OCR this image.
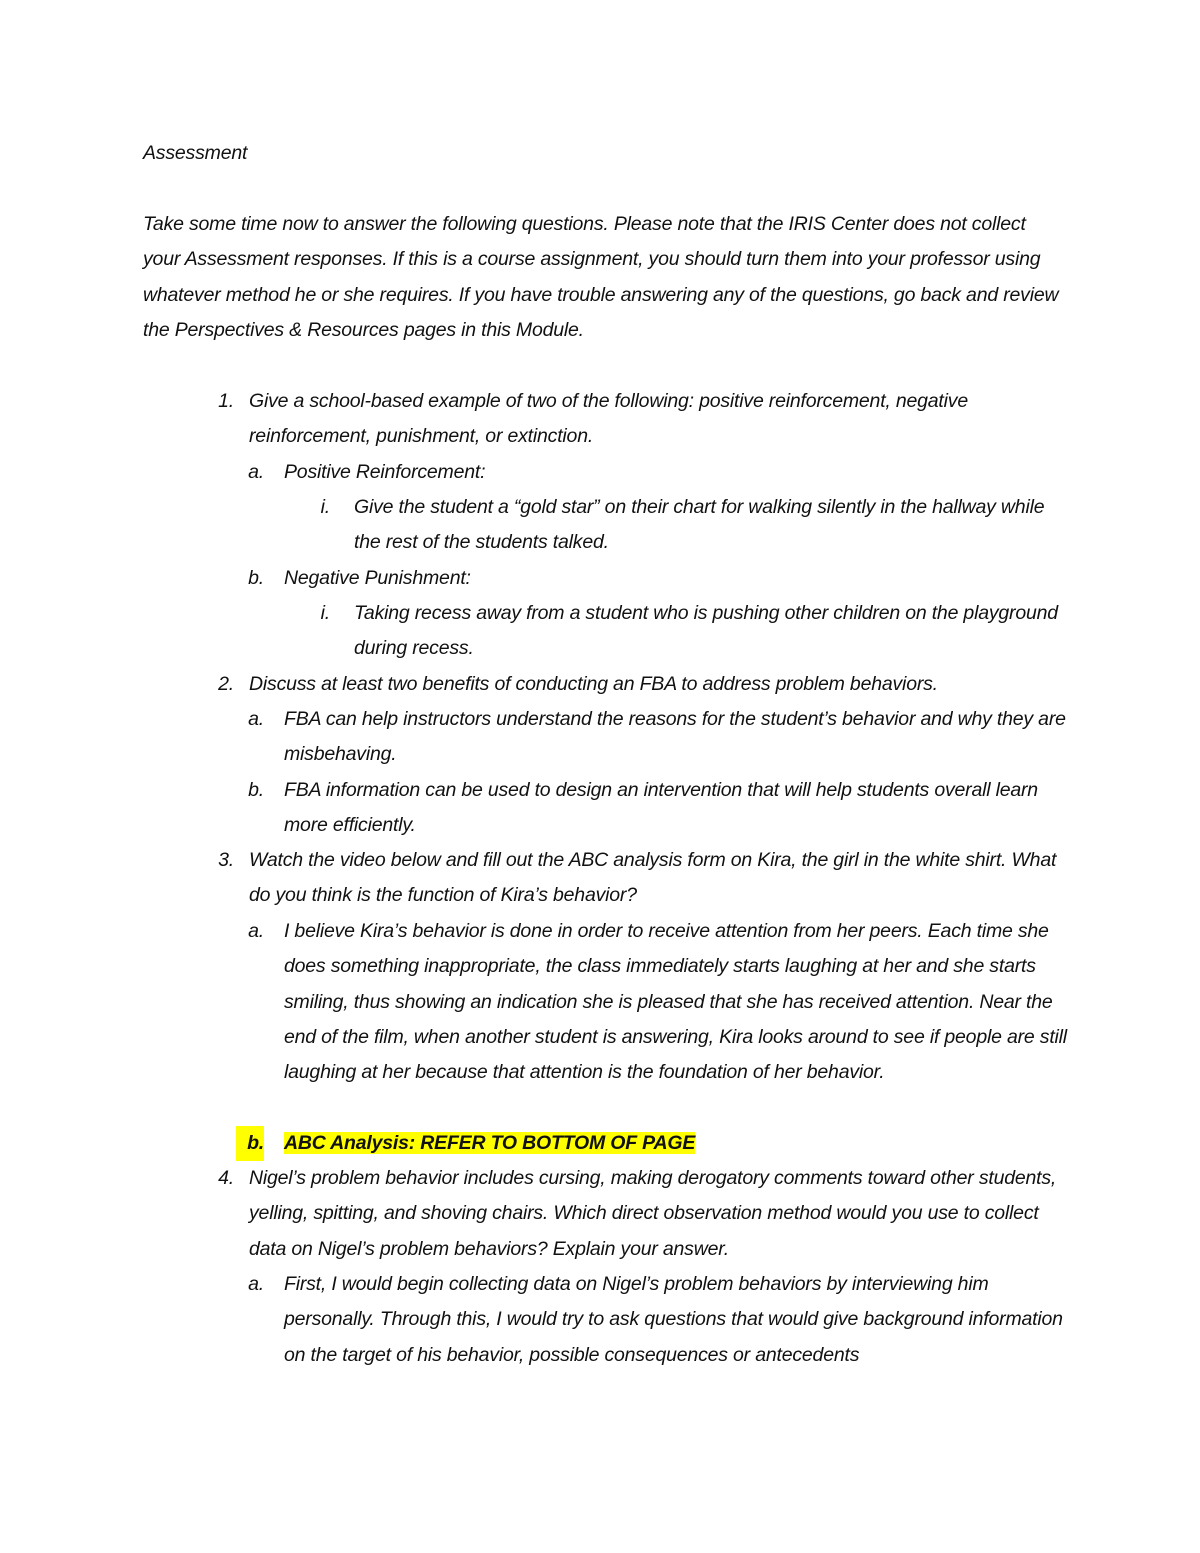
Assessment

Take some time now to answer the following questions. Please note that the IRIS Center does not collect your Assessment responses. If this is a course assignment, you should turn them into your professor using whatever method he or she requires. If you have trouble answering any of the questions, go back and review the Perspectives & Resources pages in this Module.

1. Give a school-based example of two of the following: positive reinforcement, negative reinforcement, punishment, or extinction.

a. Positive Reinforcement:

i. Give the student a “gold star” on their chart for walking silently in the hallway while the rest of the students talked.

b. Negative Punishment:

i. Taking recess away from a student who is pushing other children on the playground during recess.

2. Discuss at least two benefits of conducting an FBA to address problem behaviors.

a. FBA can help instructors understand the reasons for the student’s behavior and why they are misbehaving.

b. FBA information can be used to design an intervention that will help students overall learn more efficiently.

3. Watch the video below and fill out the ABC analysis form on Kira, the girl in the white shirt. What do you think is the function of Kira’s behavior?

a. I believe Kira’s behavior is done in order to receive attention from her peers. Each time she does something inappropriate, the class immediately starts laughing at her and she starts smiling, thus showing an indication she is pleased that she has received attention. Near the end of the film, when another student is answering, Kira looks around to see if people are still laughing at her because that attention is the foundation of her behavior.

b. ABC Analysis: REFER TO BOTTOM OF PAGE

4. Nigel’s problem behavior includes cursing, making derogatory comments toward other students, yelling, spitting, and shoving chairs. Which direct observation method would you use to collect data on Nigel’s problem behaviors? Explain your answer.

a. First, I would begin collecting data on Nigel’s problem behaviors by interviewing him personally. Through this, I would try to ask questions that would give background information on the target of his behavior, possible consequences or antecedents
